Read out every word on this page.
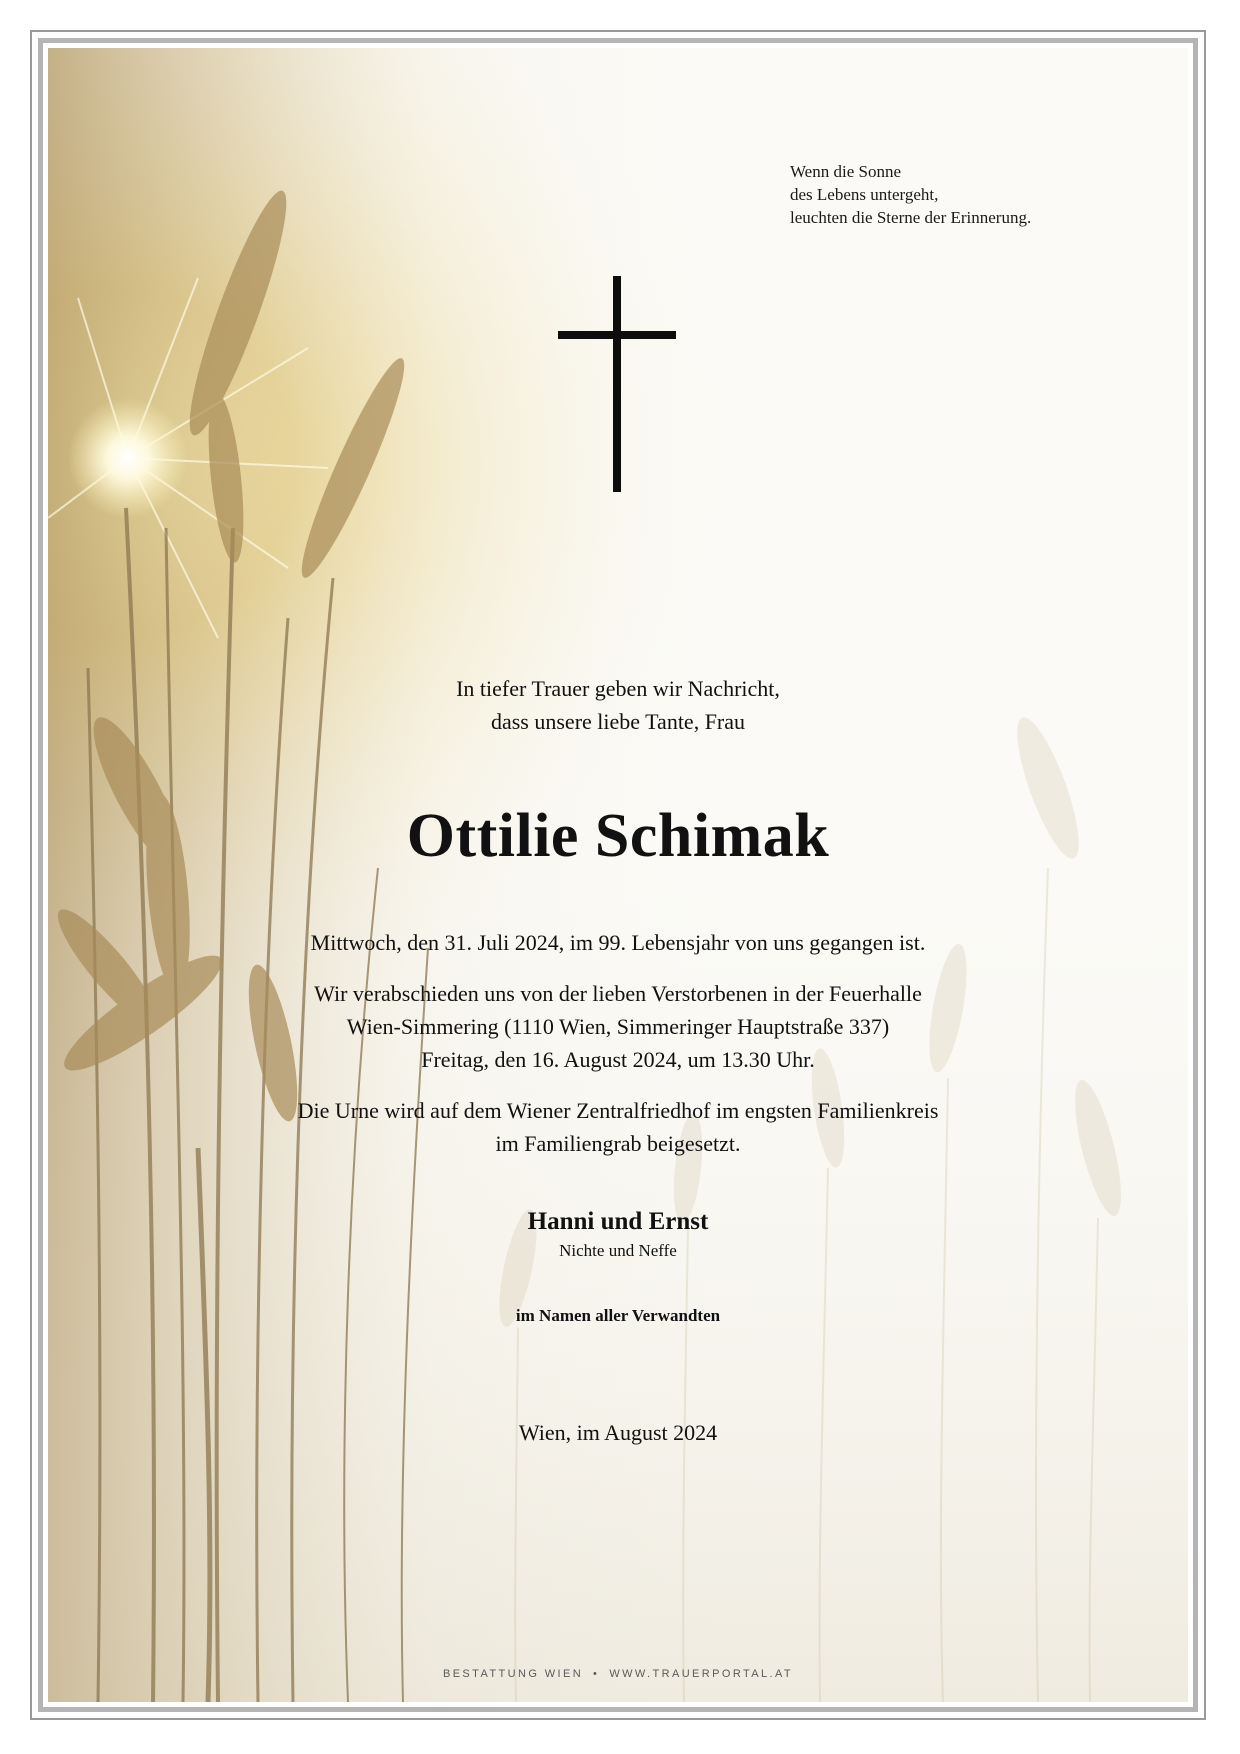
Wenn die Sonne
des Lebens untergeht,
leuchten die Sterne der Erinnerung.
In tiefer Trauer geben wir Nachricht,
dass unsere liebe Tante, Frau
Ottilie Schimak
Mittwoch, den 31. Juli 2024, im 99. Lebensjahr von uns gegangen ist.
Wir verabschieden uns von der lieben Verstorbenen in der Feuerhalle
Wien-Simmering (1110 Wien, Simmeringer Hauptstraße 337)
Freitag, den 16. August 2024, um 13.30 Uhr.
Die Urne wird auf dem Wiener Zentralfriedhof im engsten Familienkreis
im Familiengrab beigesetzt.
Hanni und Ernst
Nichte und Neffe
im Namen aller Verwandten
Wien, im August 2024
BESTATTUNG WIEN • WWW.TRAUERPORTAL.AT
